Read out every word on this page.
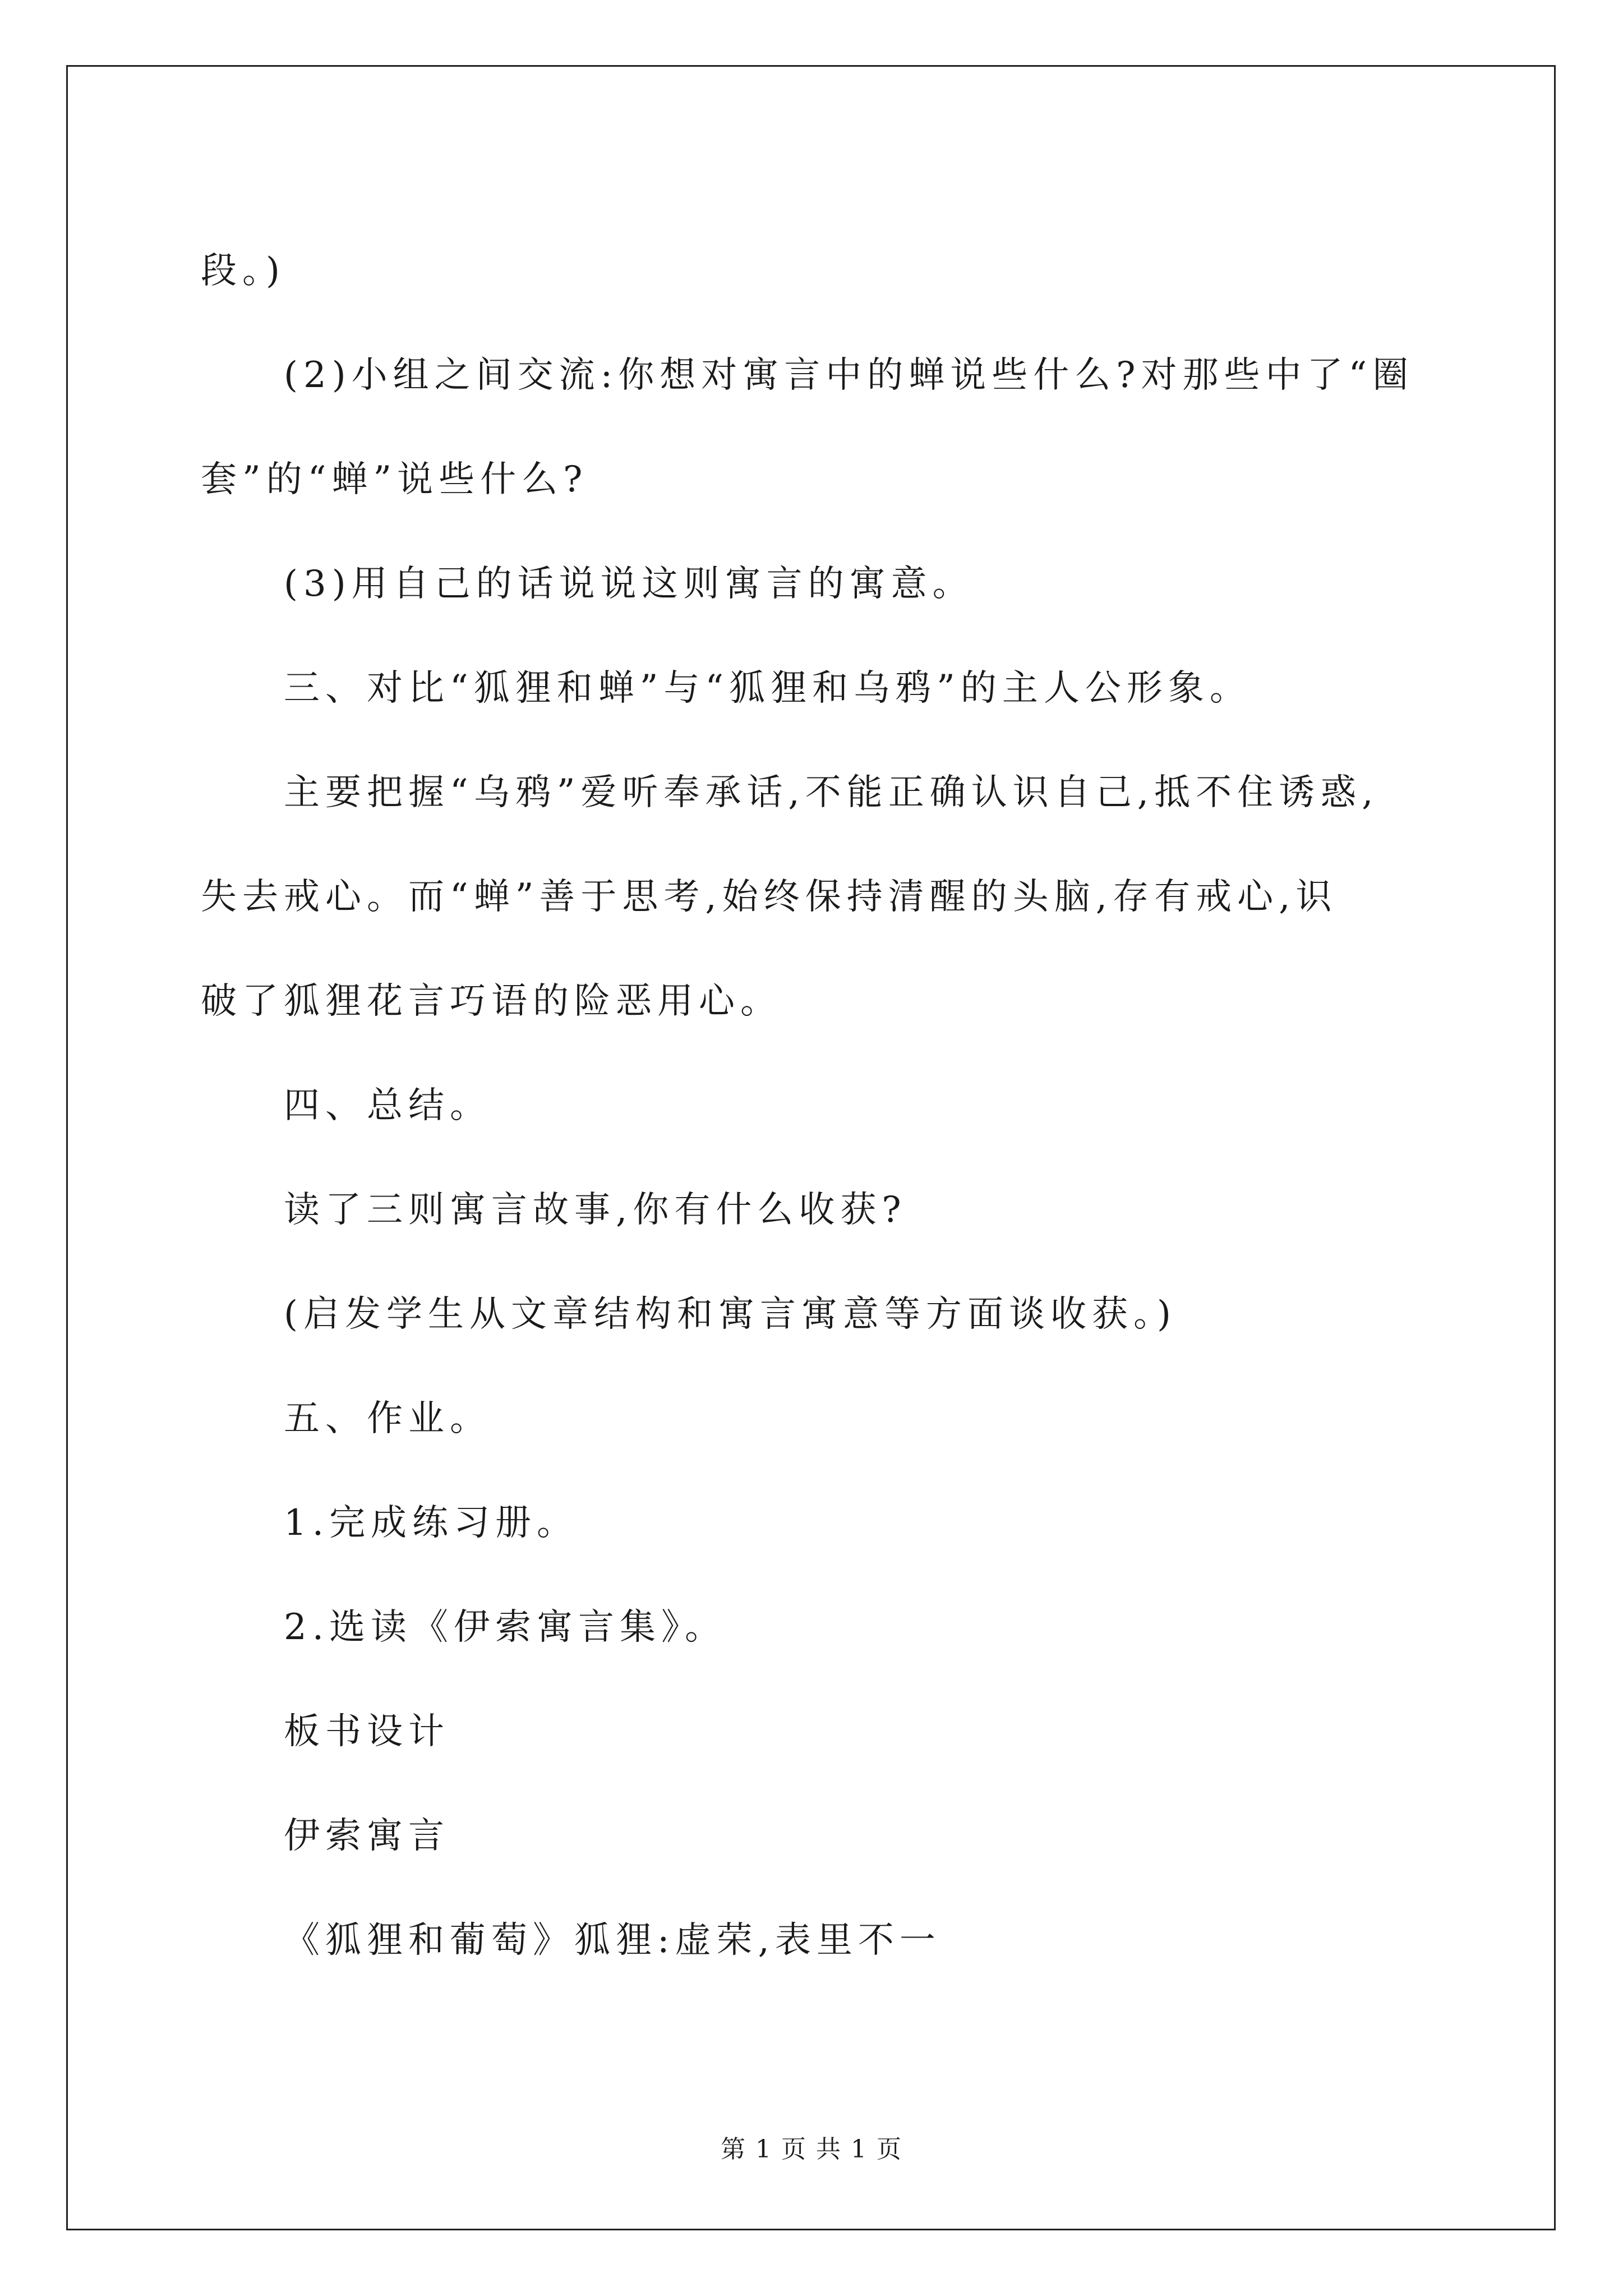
段。)

(2)小组之间交流:你想对寓言中的蝉说些什么?对那些中了“圈

套”的“蝉”说些什么?

(3)用自己的话说说这则寓言的寓意。

三、对比“狐狸和蝉”与“狐狸和乌鸦”的主人公形象。

主要把握“乌鸦”爱听奉承话,不能正确认识自己,抵不住诱惑,

失去戒心。而“蝉”善于思考,始终保持清醒的头脑,存有戒心,识

破了狐狸花言巧语的险恶用心。

四、总结。

读了三则寓言故事,你有什么收获?

(启发学生从文章结构和寓言寓意等方面谈收获。)

五、作业。

1.完成练习册。

2.选读《伊索寓言集》。

板书设计

伊索寓言

《狐狸和葡萄》狐狸:虚荣,表里不一

第 1 页 共 1 页
